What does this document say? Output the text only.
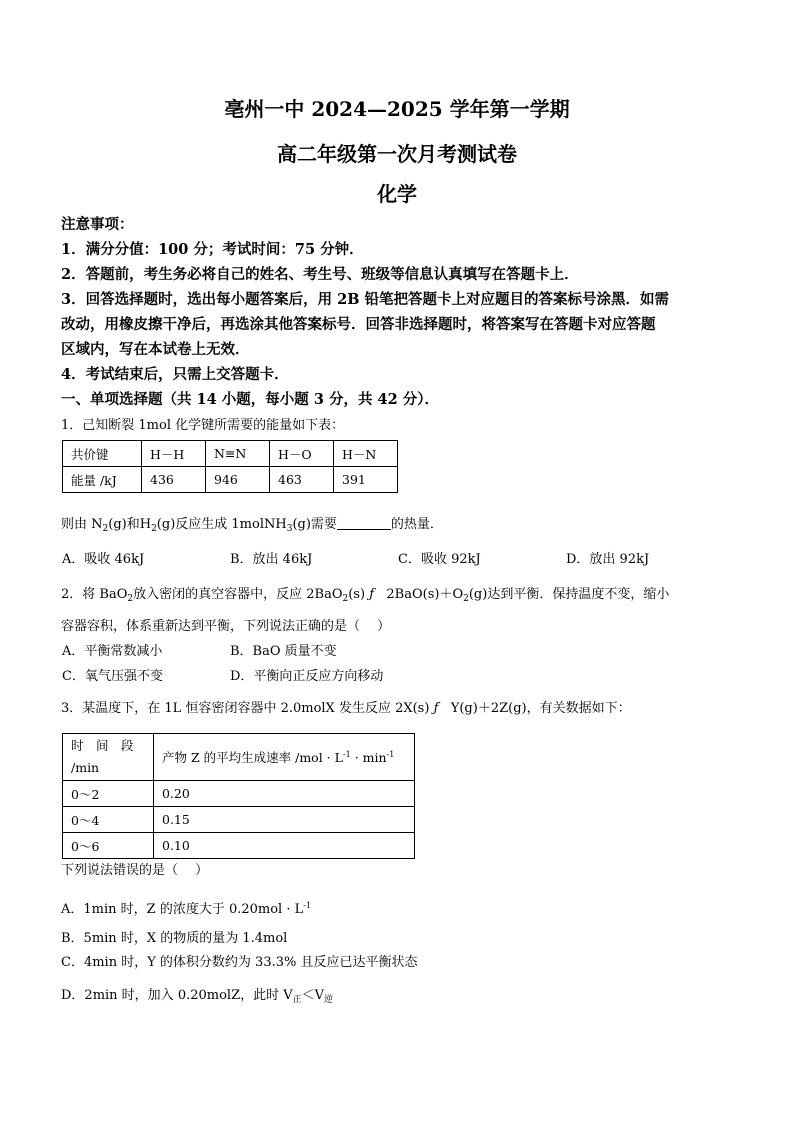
亳州一中 2024—2025 学年第一学期
高二年级第一次月考测试卷
化学
注意事项：
1．满分分值：100 分；考试时间：75 分钟．
2．答题前，考生务必将自己的姓名、考生号、班级等信息认真填写在答题卡上．
3．回答选择题时，选出每小题答案后，用 2B 铅笔把答题卡上对应题目的答案标号涂黑．如需
改动，用橡皮擦干净后，再选涂其他答案标号．回答非选择题时，将答案写在答题卡对应答题
区域内，写在本试卷上无效．
4．考试结束后，只需上交答题卡．
一、单项选择题（共 14 小题，每小题 3 分，共 42 分）．
1．己知断裂 1mol 化学键所需要的能量如下表：
共价键	H－H	N≡N	H－O	H－N
能量 /kJ	436	946	463	391
则由 $N_2(g)$和$H_2(g)$反应生成 1molNH$_3$(g)需要	的热量．
A．吸收 46kJ	B．放出 46kJ	C．吸收 92kJ	D．放出 92kJ
2．将 BaO$_2$放入密闭的真空容器中，反应 2BaO$_2$(s) ƒ $2BaO(s)+O_2(g)$达到平衡．保持温度不变，缩小
容器容积，体系重新达到平衡，下列说法正确的是（　 ）
A．平衡常数减小	B．BaO 质量不变
C．氧气压强不变	D．平衡向正反应方向移动
3．某温度下，在 1L 恒容密闭容器中 2.0molX 发生反应 2X(s) ƒ Y(g)＋2Z(g)，有关数据如下：
时　间　段
/min	产物 Z 的平均生成速率 $/mol \cdot L^{-1} \cdot \min^{-1}$
0～2	0.20
0～4	0.15
0～6	0.10
下列说法错误的是（　 ）
A．1min 时，Z 的浓度大于 $0.20mol \cdot L^{-1}$
B．5min 时，X 的物质的量为 1.4mol
C．4min 时，Y 的体积分数约为 33.3% 且反应已达平衡状态
D．2min 时，加入 0.20molZ，此时 $V_正<V_逆$
